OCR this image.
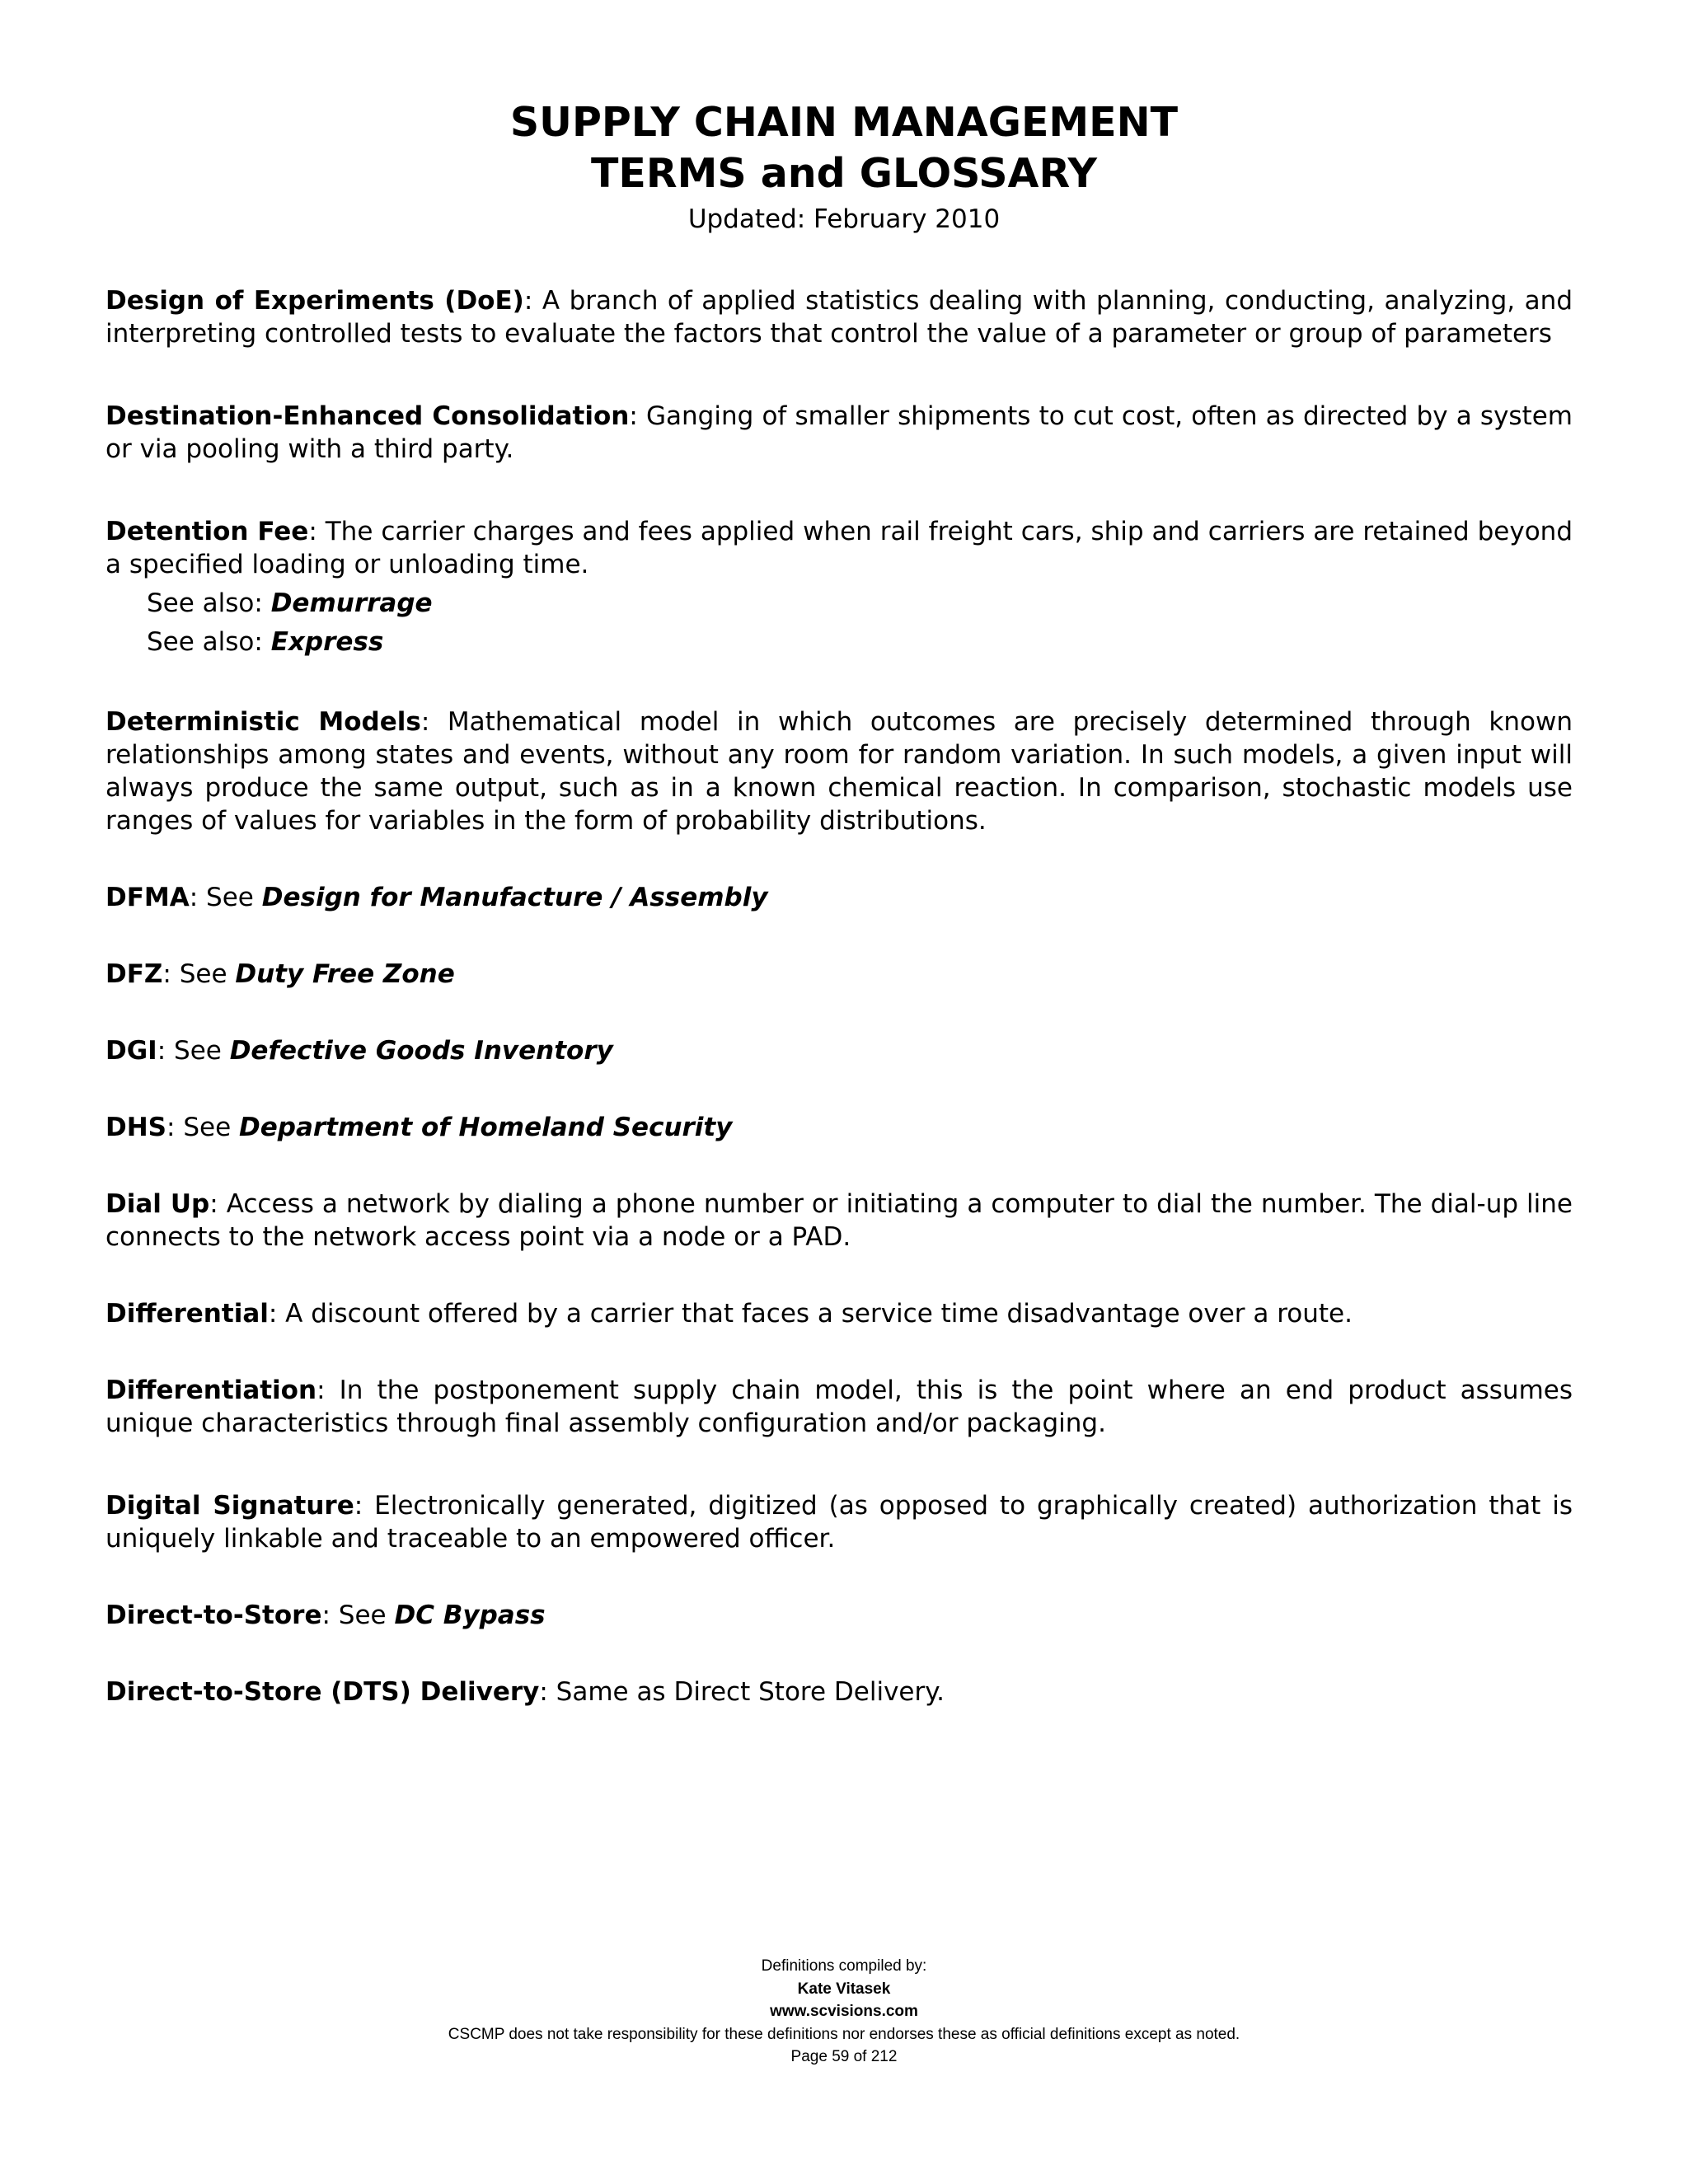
SUPPLY CHAIN MANAGEMENT
TERMS and GLOSSARY
Updated: February 2010
Design of Experiments (DoE): A branch of applied statistics dealing with planning, conducting, analyzing, and interpreting controlled tests to evaluate the factors that control the value of a parameter or group of parameters
Destination-Enhanced Consolidation: Ganging of smaller shipments to cut cost, often as directed by a system or via pooling with a third party.
Detention Fee: The carrier charges and fees applied when rail freight cars, ship and carriers are retained beyond a specified loading or unloading time.
See also: Demurrage
See also: Express
Deterministic Models: Mathematical model in which outcomes are precisely determined through known relationships among states and events, without any room for random variation. In such models, a given input will always produce the same output, such as in a known chemical reaction. In comparison, stochastic models use ranges of values for variables in the form of probability distributions.
DFMA: See Design for Manufacture / Assembly
DFZ: See Duty Free Zone
DGI: See Defective Goods Inventory
DHS: See Department of Homeland Security
Dial Up: Access a network by dialing a phone number or initiating a computer to dial the number. The dial-up line connects to the network access point via a node or a PAD.
Differential: A discount offered by a carrier that faces a service time disadvantage over a route.
Differentiation: In the postponement supply chain model, this is the point where an end product assumes unique characteristics through final assembly configuration and/or packaging.
Digital Signature: Electronically generated, digitized (as opposed to graphically created) authorization that is uniquely linkable and traceable to an empowered officer.
Direct-to-Store: See DC Bypass
Direct-to-Store (DTS) Delivery: Same as Direct Store Delivery.
Definitions compiled by:
Kate Vitasek
www.scvisions.com
CSCMP does not take responsibility for these definitions nor endorses these as official definitions except as noted.
Page 59 of 212
